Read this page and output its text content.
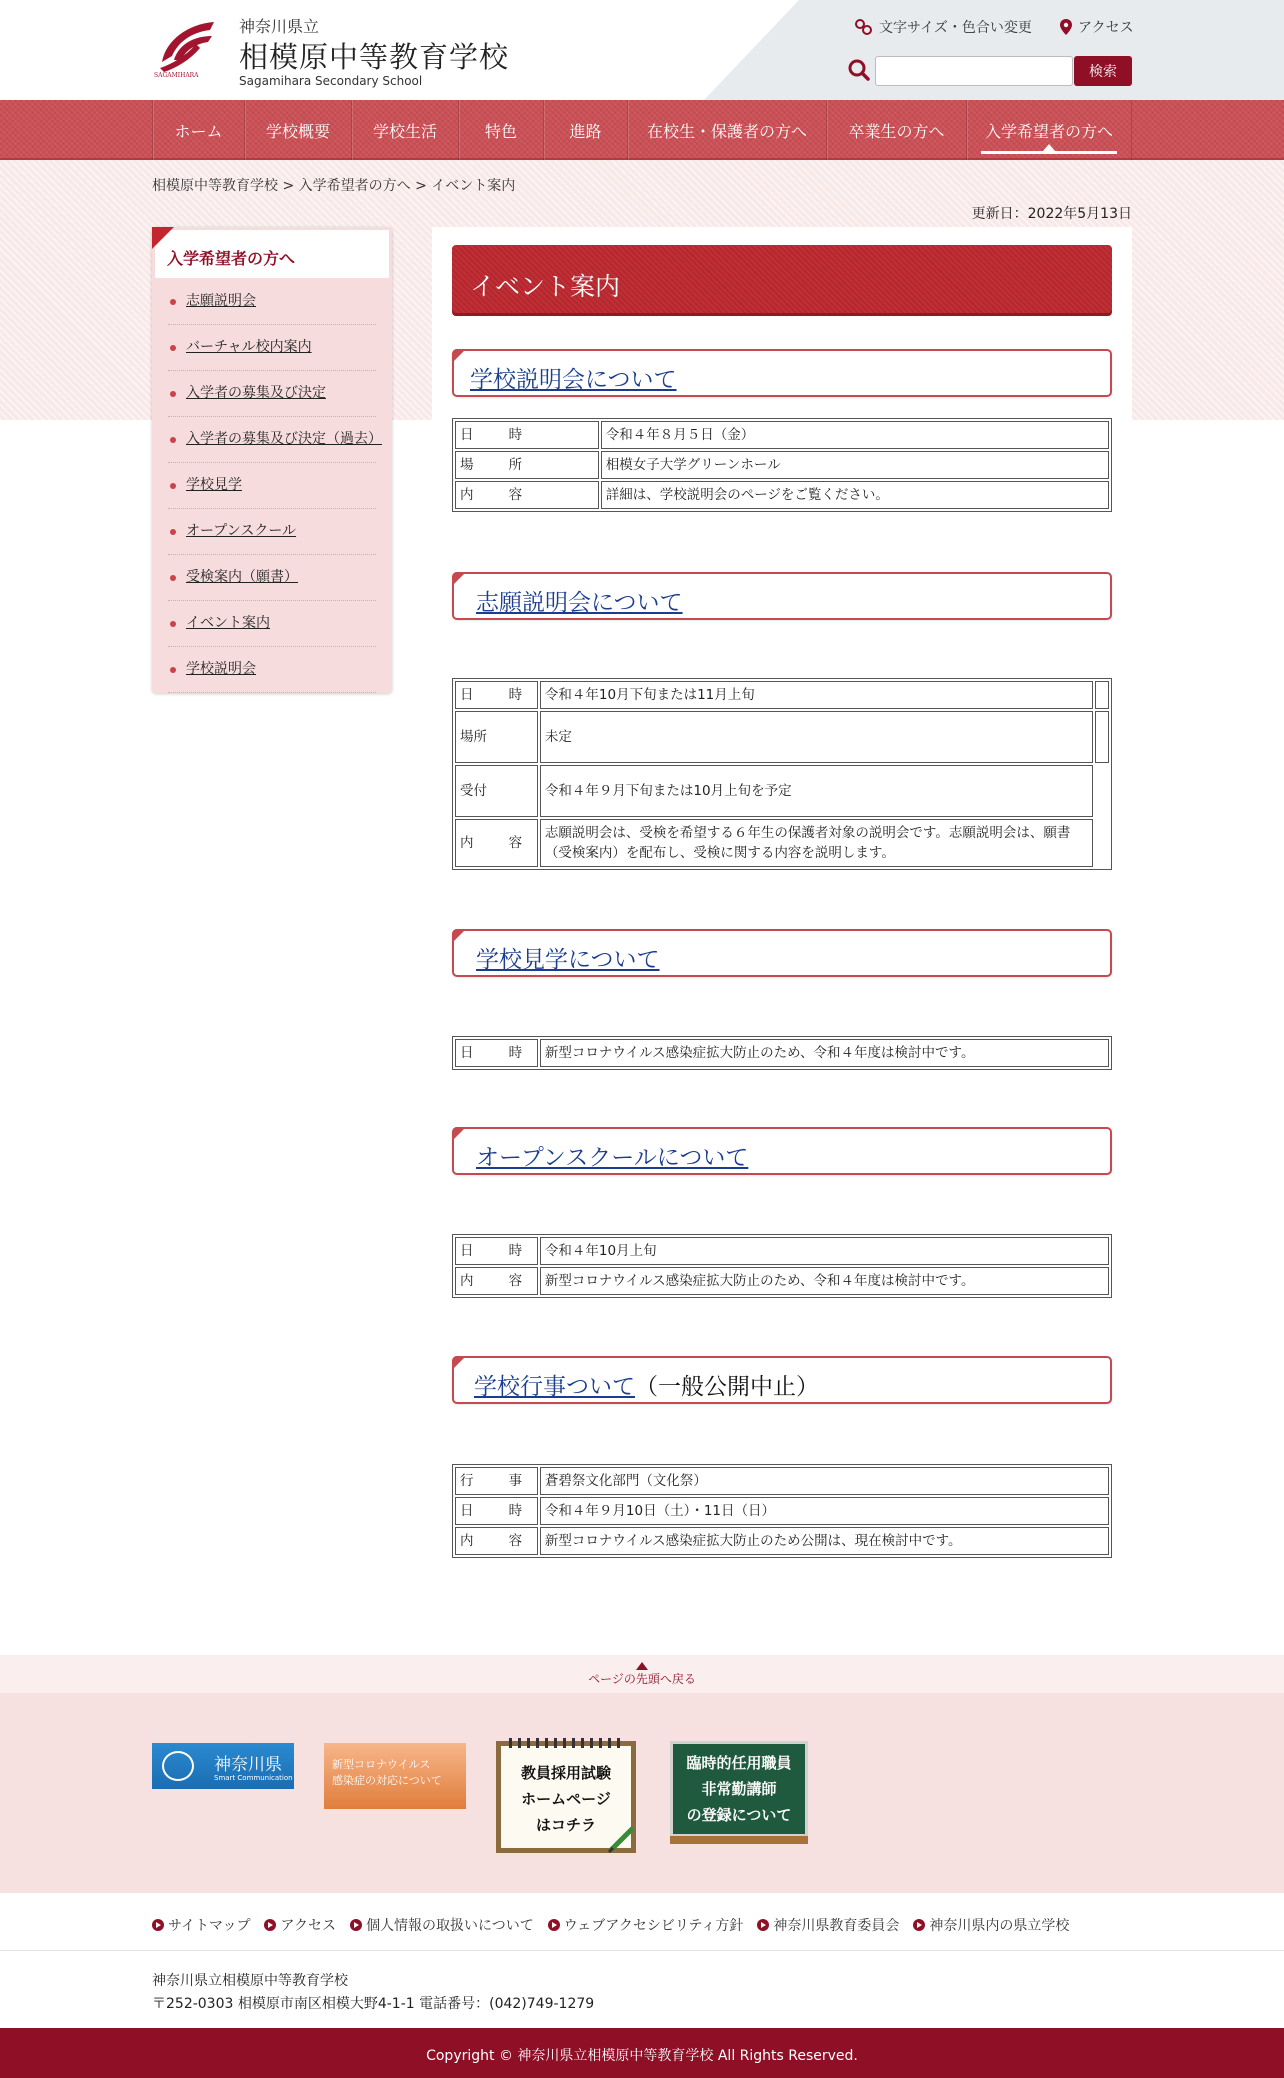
SAGAMIHARA
神奈川県立
相模原中等教育学校
Sagamihara Secondary School
文字サイズ・色合い変更	アクセス
検索
ホーム	学校概要	学校生活	特色	進路	在校生・保護者の方へ	卒業生の方へ	入学希望者の方へ
相模原中等教育学校 > 入学希望者の方へ > イベント案内
更新日：2022年5月13日
入学希望者の方へ
志願説明会
バーチャル校内案内
入学者の募集及び決定
入学者の募集及び決定（過去）
学校見学
オープンスクール
受検案内（願書）
イベント案内
学校説明会
イベント案内
学校説明会について
日　時	令和４年８月５日（金）
場　所	相模女子大学グリーンホール
内　容	詳細は、学校説明会のページをご覧ください。
志願説明会について
日　時	令和４年10月下旬または11月上旬	
場所	未定	
受付	令和４年９月下旬または10月上旬を予定	
内　容	志願説明会は、受検を希望する６年生の保護者対象の説明会です。志願説明会は、願書（受検案内）を配布し、受検に関する内容を説明します。	
学校見学について
日　時	新型コロナウイルス感染症拡大防止のため、令和４年度は検討中です。
オープンスクールについて
日　時	令和４年10月上旬
内　容	新型コロナウイルス感染症拡大防止のため、令和４年度は検討中です。
学校行事ついて（一般公開中止）
行　事	蒼碧祭文化部門（文化祭）
日　時	令和４年９月10日（土）・11日（日）
内　容	新型コロナウイルス感染症拡大防止のため公開は、現在検討中です。
ページの先頭へ戻る
神奈川県
Smart Communication
新型コロナウイルス
感染症の対応について	教員採用試験
ホームページ
はコチラ
臨時的任用職員
非常勤講師
の登録について
サイトマップ アクセス 個人情報の取扱いについて ウェブアクセシビリティ方針 神奈川県教育委員会 神奈川県内の県立学校
神奈川県立相模原中等教育学校
〒252-0303 相模原市南区相模大野4-1-1 電話番号：(042)749-1279
Copyright © 神奈川県立相模原中等教育学校 All Rights Reserved.
